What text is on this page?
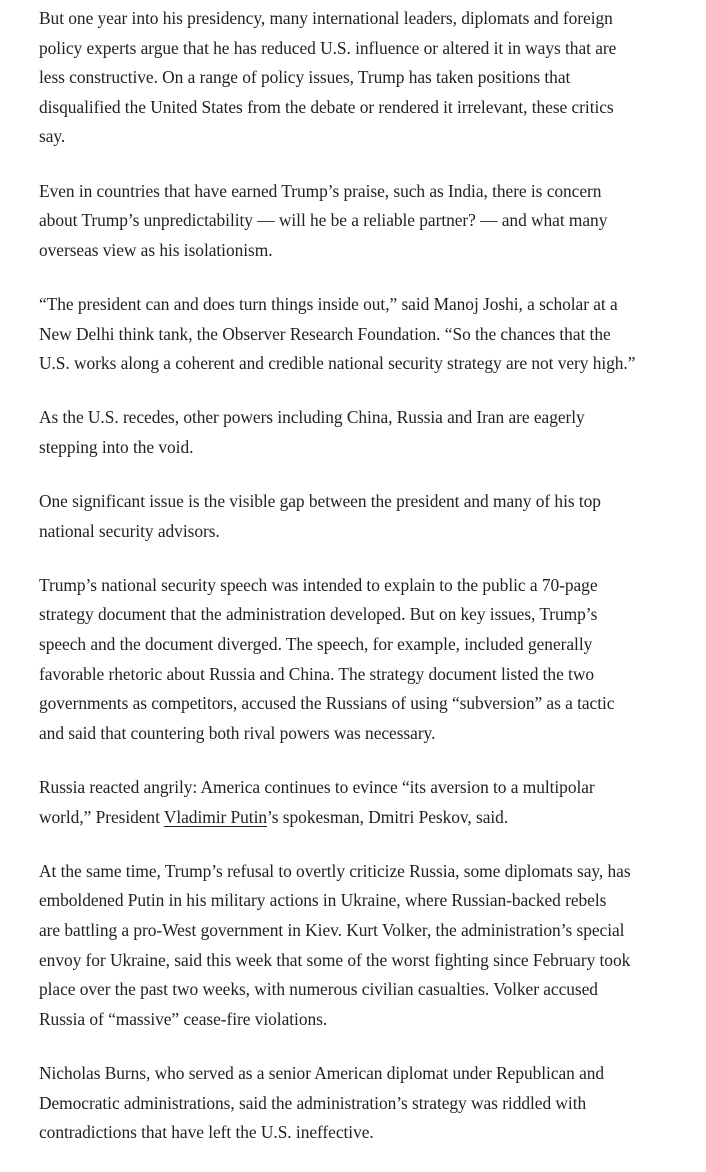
But one year into his presidency, many international leaders, diplomats and foreign
policy experts argue that he has reduced U.S. influence or altered it in ways that are
less constructive. On a range of policy issues, Trump has taken positions that
disqualified the United States from the debate or rendered it irrelevant, these critics
say.

Even in countries that have earned Trump’s praise, such as India, there is concern
about Trump’s unpredictability — will he be a reliable partner? — and what many
overseas view as his isolationism.

“The president can and does turn things inside out,” said Manoj Joshi, a scholar at a
New Delhi think tank, the Observer Research Foundation. “So the chances that the
U.S. works along a coherent and credible national security strategy are not very high.”

As the U.S. recedes, other powers including China, Russia and Iran are eagerly
stepping into the void.

One significant issue is the visible gap between the president and many of his top
national security advisors.

Trump’s national security speech was intended to explain to the public a 70-page
strategy document that the administration developed. But on key issues, Trump’s
speech and the document diverged. The speech, for example, included generally
favorable rhetoric about Russia and China. The strategy document listed the two
governments as competitors, accused the Russians of using “subversion” as a tactic
and said that countering both rival powers was necessary.

Russia reacted angrily: America continues to evince “its aversion to a multipolar
world,” President Vladimir Putin’s spokesman, Dmitri Peskov, said.

At the same time, Trump’s refusal to overtly criticize Russia, some diplomats say, has
emboldened Putin in his military actions in Ukraine, where Russian-backed rebels
are battling a pro-West government in Kiev. Kurt Volker, the administration’s special
envoy for Ukraine, said this week that some of the worst fighting since February took
place over the past two weeks, with numerous civilian casualties. Volker accused
Russia of “massive” cease-fire violations.

Nicholas Burns, who served as a senior American diplomat under Republican and
Democratic administrations, said the administration’s strategy was riddled with
contradictions that have left the U.S. ineffective.
